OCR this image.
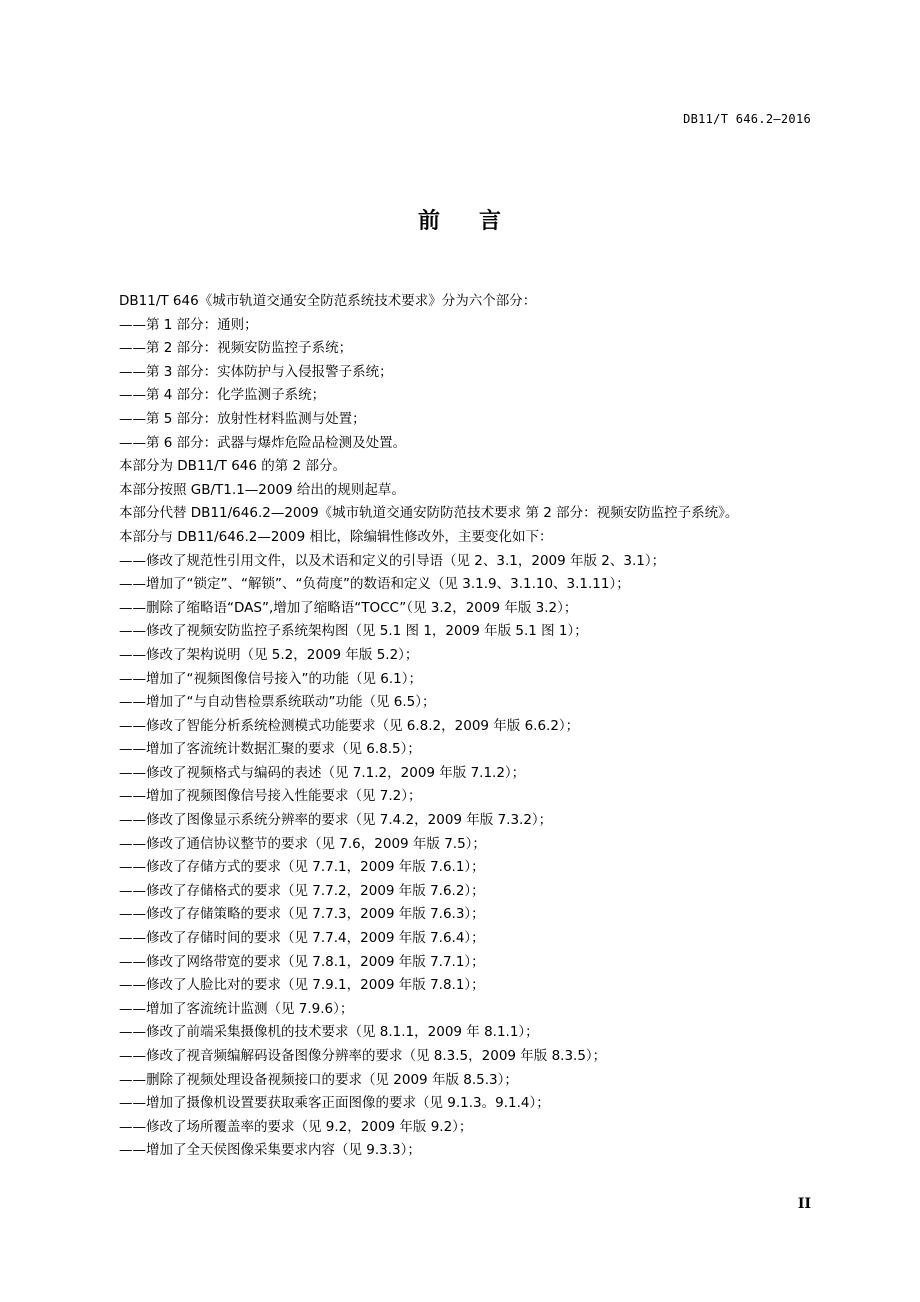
DB11/T 646.2—2016
前 言
DB11/T 646《城市轨道交通安全防范系统技术要求》分为六个部分：
——第 1 部分：通则；
——第 2 部分：视频安防监控子系统；
——第 3 部分：实体防护与入侵报警子系统；
——第 4 部分：化学监测子系统；
——第 5 部分：放射性材料监测与处置；
——第 6 部分：武器与爆炸危险品检测及处置。
本部分为 DB11/T 646 的第 2 部分。
本部分按照 GB/T1.1—2009 给出的规则起草。
本部分代替 DB11/646.2—2009《城市轨道交通安防防范技术要求 第 2 部分：视频安防监控子系统》。
本部分与 DB11/646.2—2009 相比，除编辑性修改外，主要变化如下：
——修改了规范性引用文件，以及术语和定义的引导语（见 2、3.1，2009 年版 2、3.1）；
——增加了“锁定”、“解锁”、“负荷度”的数语和定义（见 3.1.9、3.1.10、3.1.11）；
——删除了缩略语“DAS”,增加了缩略语“TOCC”（见 3.2，2009 年版 3.2）；
——修改了视频安防监控子系统架构图（见 5.1 图 1，2009 年版 5.1 图 1）；
——修改了架构说明（见 5.2，2009 年版 5.2）；
——增加了“视频图像信号接入”的功能（见 6.1）；
——增加了“与自动售检票系统联动”功能（见 6.5）；
——修改了智能分析系统检测模式功能要求（见 6.8.2，2009 年版 6.6.2）；
——增加了客流统计数据汇聚的要求（见 6.8.5）；
——修改了视频格式与编码的表述（见 7.1.2，2009 年版 7.1.2）；
——增加了视频图像信号接入性能要求（见 7.2）；
——修改了图像显示系统分辨率的要求（见 7.4.2，2009 年版 7.3.2）；
——修改了通信协议整节的要求（见 7.6，2009 年版 7.5）；
——修改了存储方式的要求（见 7.7.1，2009 年版 7.6.1）；
——修改了存储格式的要求（见 7.7.2，2009 年版 7.6.2）；
——修改了存储策略的要求（见 7.7.3，2009 年版 7.6.3）；
——修改了存储时间的要求（见 7.7.4，2009 年版 7.6.4）；
——修改了网络带宽的要求（见 7.8.1，2009 年版 7.7.1）；
——修改了人脸比对的要求（见 7.9.1，2009 年版 7.8.1）；
——增加了客流统计监测（见 7.9.6）；
——修改了前端采集摄像机的技术要求（见 8.1.1，2009 年 8.1.1）；
——修改了视音频编解码设备图像分辨率的要求（见 8.3.5，2009 年版 8.3.5）；
——删除了视频处理设备视频接口的要求（见 2009 年版 8.5.3）；
——增加了摄像机设置要获取乘客正面图像的要求（见 9.1.3。9.1.4）；
——修改了场所覆盖率的要求（见 9.2，2009 年版 9.2）；
——增加了全天侯图像采集要求内容（见 9.3.3）；
II
